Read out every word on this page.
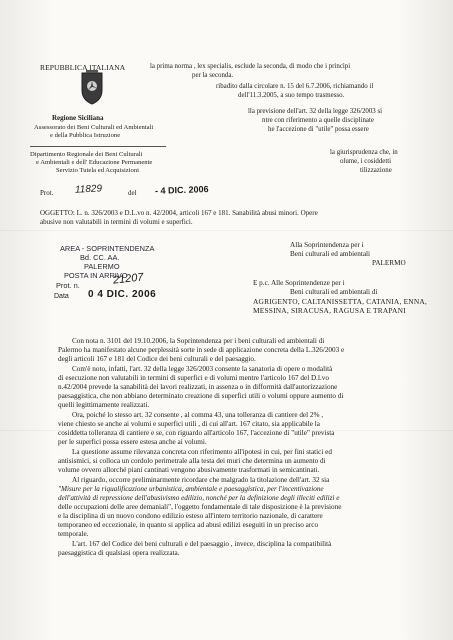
REPUBBLICA ITALIANA
Regione Siciliana
Assessorato dei Beni Culturali ed Ambientali
e della Pubblica Istruzione
Dipartimento Regionale dei Beni Culturali
e Ambientali e dell' Educazione Permanente
Servizio Tutela ed Acquisizioni
Prot. 11829	del - 4 DIC. 2006
la prima norma , lex specialis, esclude la seconda, di modo che i princìpi
per la seconda.
ribadito dalla circolare n. 15 del 6.7.2006, richiamando il
dell'11.3.2005, a suo tempo trasmesso.
lla previsione dell'art. 32 della legge 326/2003 si
ntre con riferimento a quelle disciplinate
he l'accezione di "utile" possa essere
la giurisprudenza che, in
olume, i cosiddetti
tilizzazione
OGGETTO: L. n. 326/2003 e D.L.vo n. 42/2004, articoli 167 e 181. Sanabilità abusi minori. Opere
abusive non valutabili in termini di volumi e superfici.
AREA - SOPRINTENDENZA
Bd. CC. AA.
PALERMO
POSTA IN ARRIVO
Prot. n.	21207
Data 0 4 DIC. 2006
Alla Soprintendenza per i
Beni culturali ed ambientali
PALERMO
E p.c. Alle Soprintendenze per i
Beni culturali ed ambientali di
AGRIGENTO, CALTANISSETTA, CATANIA, ENNA,
MESSINA, SIRACUSA, RAGUSA E TRAPANI
Con nota n. 3101 del 19.10.2006, la Soprintendenza per i beni culturali ed ambientali di
Palermo ha manifestato alcune perplessità sorte in sede di applicazione concreta della L.326/2003 e
degli articoli 167 e 181 del Codice dei beni culturali e del paesaggio.
Com'è noto, infatti, l'art. 32 della legge 326/2003 consente la sanatoria di opere o modalità
di esecuzione non valutabili in termini di superfici e di volumi mentre l'articolo 167 del D.l.vo
n.42/2004 prevede la sanabilità dei lavori realizzati, in assenza o in difformità dall'autorizzazione
paesaggistica, che non abbiano determinato creazione di superfici utili o volumi oppure aumento di
quelli legittimamente realizzati.
Ora, poiché lo stesso art. 32 consente , al comma 43, una tolleranza di cantiere del 2% ,
viene chiesto se anche ai volumi e superfici utili , di cui all'art. 167 citato, sia applicabile la
cosiddetta tolleranza di cantiere e se, con riguardo all'articolo 167, l'accezione di "utile" prevista
per le superfici possa essere estesa anche ai volumi.
La questione assume rilevanza concreta con riferimento all'ipotesi in cui, per fini statici ed
antisismici, si colloca un cordolo perimetrale alla testa dei muri che determina un aumento di
volume ovvero allorché piani cantinati vengono abusivamente trasformati in semicantinati.
Al riguardo, occorre preliminarmente ricordare che malgrado la titolazione dell'art. 32 sia
"Misure per la riqualificazione urbanistica, ambientale e paesaggistica, per l'incentivazione
dell'attività di repressione dell'abusivismo edilizio, nonché per la definizione degli illeciti edilizi e
delle occupazioni delle aree demaniali", l'oggetto fondamentale di tale disposizione è la previsione
e la disciplina di un nuovo condono edilizio esteso all'intero territorio nazionale, di carattere
temporaneo ed eccezionale, in quanto si applica ad abusi edilizi eseguiti in un preciso arco
temporale.
L'art. 167 del Codice dei beni culturali e del paesaggio , invece, disciplina la compatibilità
paesaggistica di qualsiasi opera realizzata.
